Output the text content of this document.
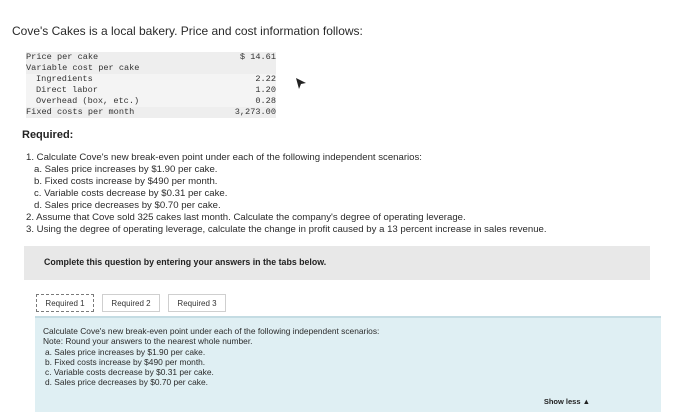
Cove's Cakes is a local bakery. Price and cost information follows:
Price per cake	$ 14.61
Variable cost per cake
Ingredients	2.22
Direct labor	1.20
Overhead (box, etc.)	0.28
Fixed costs per month	3,273.00
Required:
1. Calculate Cove's new break-even point under each of the following independent scenarios:
a. Sales price increases by $1.90 per cake.
b. Fixed costs increase by $490 per month.
c. Variable costs decrease by $0.31 per cake.
d. Sales price decreases by $0.70 per cake.
2. Assume that Cove sold 325 cakes last month. Calculate the company's degree of operating leverage.
3. Using the degree of operating leverage, calculate the change in profit caused by a 13 percent increase in sales revenue.
Complete this question by entering your answers in the tabs below.
Required 1	Required 2	Required 3
Calculate Cove's new break-even point under each of the following independent scenarios:
Note: Round your answers to the nearest whole number.
a. Sales price increases by $1.90 per cake.
b. Fixed costs increase by $490 per month.
c. Variable costs decrease by $0.31 per cake.
d. Sales price decreases by $0.70 per cake.
Show less ▲
